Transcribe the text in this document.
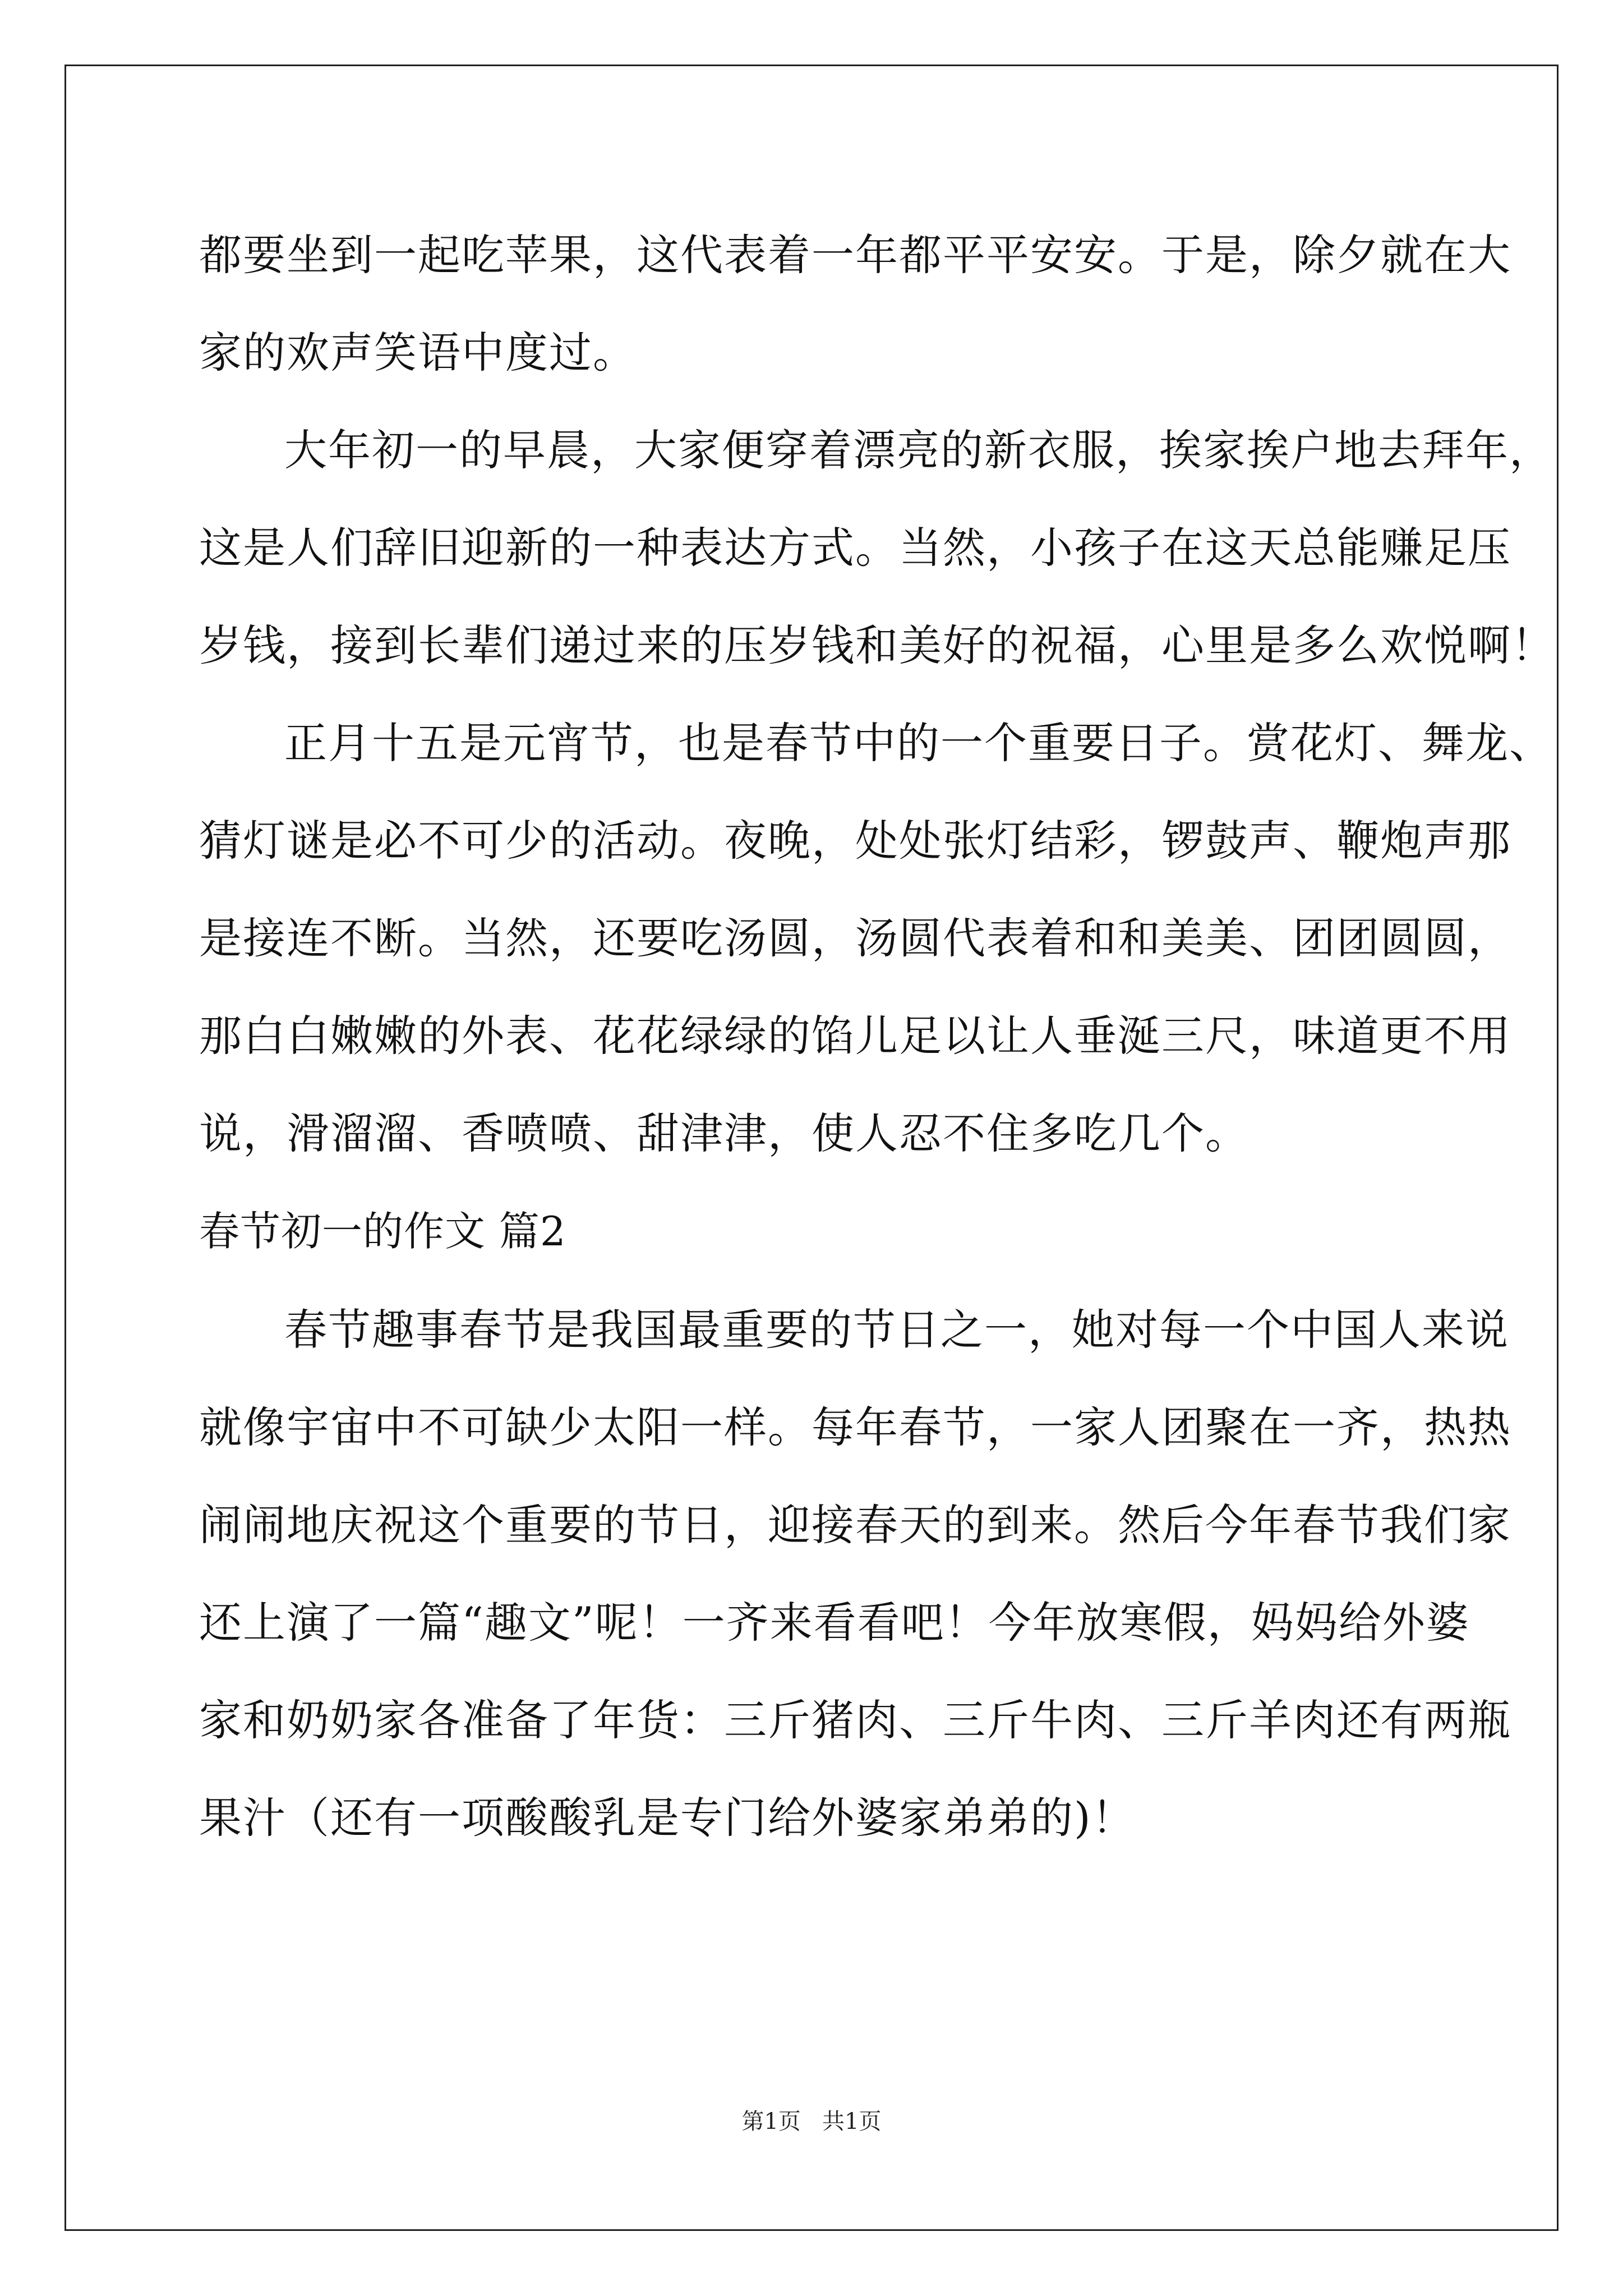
都要坐到一起吃苹果，这代表着一年都平平安安。于是，除夕就在大
家的欢声笑语中度过。
大年初一的早晨，大家便穿着漂亮的新衣服，挨家挨户地去拜年，
这是人们辞旧迎新的一种表达方式。当然，小孩子在这天总能赚足压
岁钱，接到长辈们递过来的压岁钱和美好的祝福，心里是多么欢悦啊！
正月十五是元宵节，也是春节中的一个重要日子。赏花灯、舞龙、
猜灯谜是必不可少的活动。夜晚，处处张灯结彩，锣鼓声、鞭炮声那
是接连不断。当然，还要吃汤圆，汤圆代表着和和美美、团团圆圆，
那白白嫩嫩的外表、花花绿绿的馅儿足以让人垂涎三尺，味道更不用
说，滑溜溜、香喷喷、甜津津，使人忍不住多吃几个。
春节初一的作文 篇2
春节趣事春节是我国最重要的节日之一，她对每一个中国人来说
就像宇宙中不可缺少太阳一样。每年春节，一家人团聚在一齐，热热
闹闹地庆祝这个重要的节日，迎接春天的到来。然后今年春节我们家
还上演了一篇“趣文”呢！一齐来看看吧！今年放寒假，妈妈给外婆
家和奶奶家各准备了年货：三斤猪肉、三斤牛肉、三斤羊肉还有两瓶
果汁（还有一项酸酸乳是专门给外婆家弟弟的)！
第1页   共1页
